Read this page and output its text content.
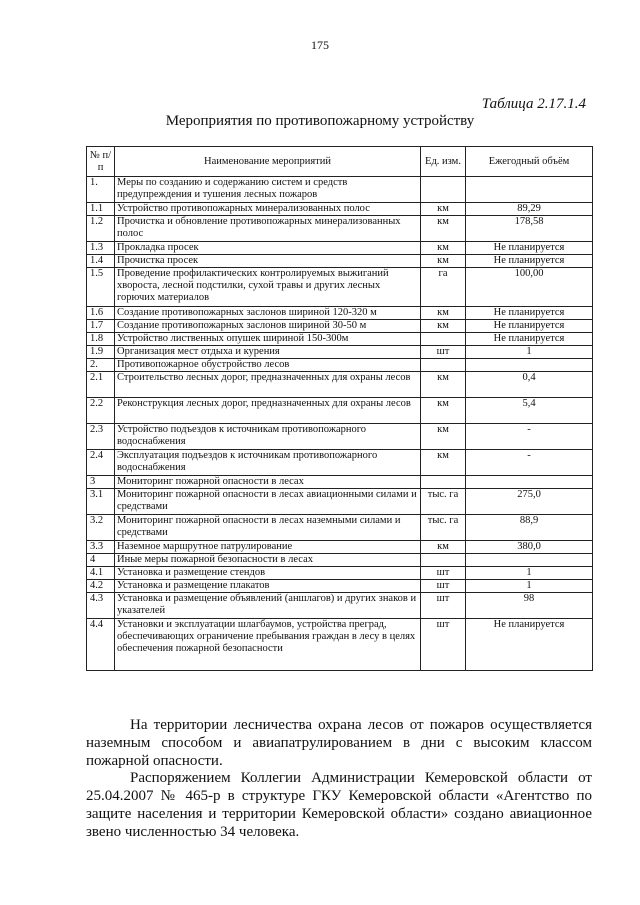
175
Таблица 2.17.1.4
Мероприятия по противопожарному устройству
№ п/п	Наименование мероприятий	Ед. изм.	Ежегодный объём
1.	Меры по созданию и содержанию систем и средств предупреждения и тушения лесных пожаров		
1.1	Устройство противопожарных минерализованных полос	км	89,29
1.2	Прочистка и обновление противопожарных минерализованных полос	км	178,58
1.3	Прокладка просек	км	Не планируется
1.4	Прочистка просек	км	Не планируется
1.5	Проведение профилактических контролируемых выжиганий хвороста, лесной подстилки, сухой травы и других лесных горючих материалов	га	100,00
1.6	Создание противопожарных заслонов шириной 120-320 м	км	Не планируется
1.7	Создание противопожарных заслонов шириной 30-50 м	км	Не планируется
1.8	Устройство лиственных опушек шириной 150-300м		Не планируется
1.9	Организация мест отдыха и курения	шт	1
2.	Противопожарное обустройство лесов		
2.1	Строительство лесных дорог, предназначенных для охраны лесов	км	0,4
2.2	Реконструкция лесных дорог, предназначенных для охраны лесов	км	5,4
2.3	Устройство подъездов к источникам противопожарного водоснабжения	км	-
2.4	Эксплуатация подъездов к источникам противопожарного водоснабжения	км	-
3	Мониторинг пожарной опасности в лесах		
3.1	Мониторинг пожарной опасности в лесах авиационными силами и средствами	тыс. га	275,0
3.2	Мониторинг пожарной опасности в лесах наземными силами и средствами	тыс. га	88,9
3.3	Наземное маршрутное патрулирование	км	380,0
4	Иные меры пожарной безопасности в лесах		
4.1	Установка и размещение стендов	шт	1
4.2	Установка и размещение плакатов	шт	1
4.3	Установка и размещение объявлений (аншлагов) и других знаков и указателей	шт	98
4.4	Установки и эксплуатации шлагбаумов, устройства преград, обеспечивающих ограничение пребывания граждан в лесу в целях обеспечения пожарной безопасности	шт	Не планируется
На территории лесничества охрана лесов от пожаров осуществляется наземным способом и авиапатрулированием в дни с высоким классом пожарной опасности.
Распоряжением Коллегии Администрации Кемеровской области от 25.04.2007 № 465-р в структуре ГКУ Кемеровской области «Агентство по защите населения и территории Кемеровской области» создано авиационное звено численностью 34 человека.
